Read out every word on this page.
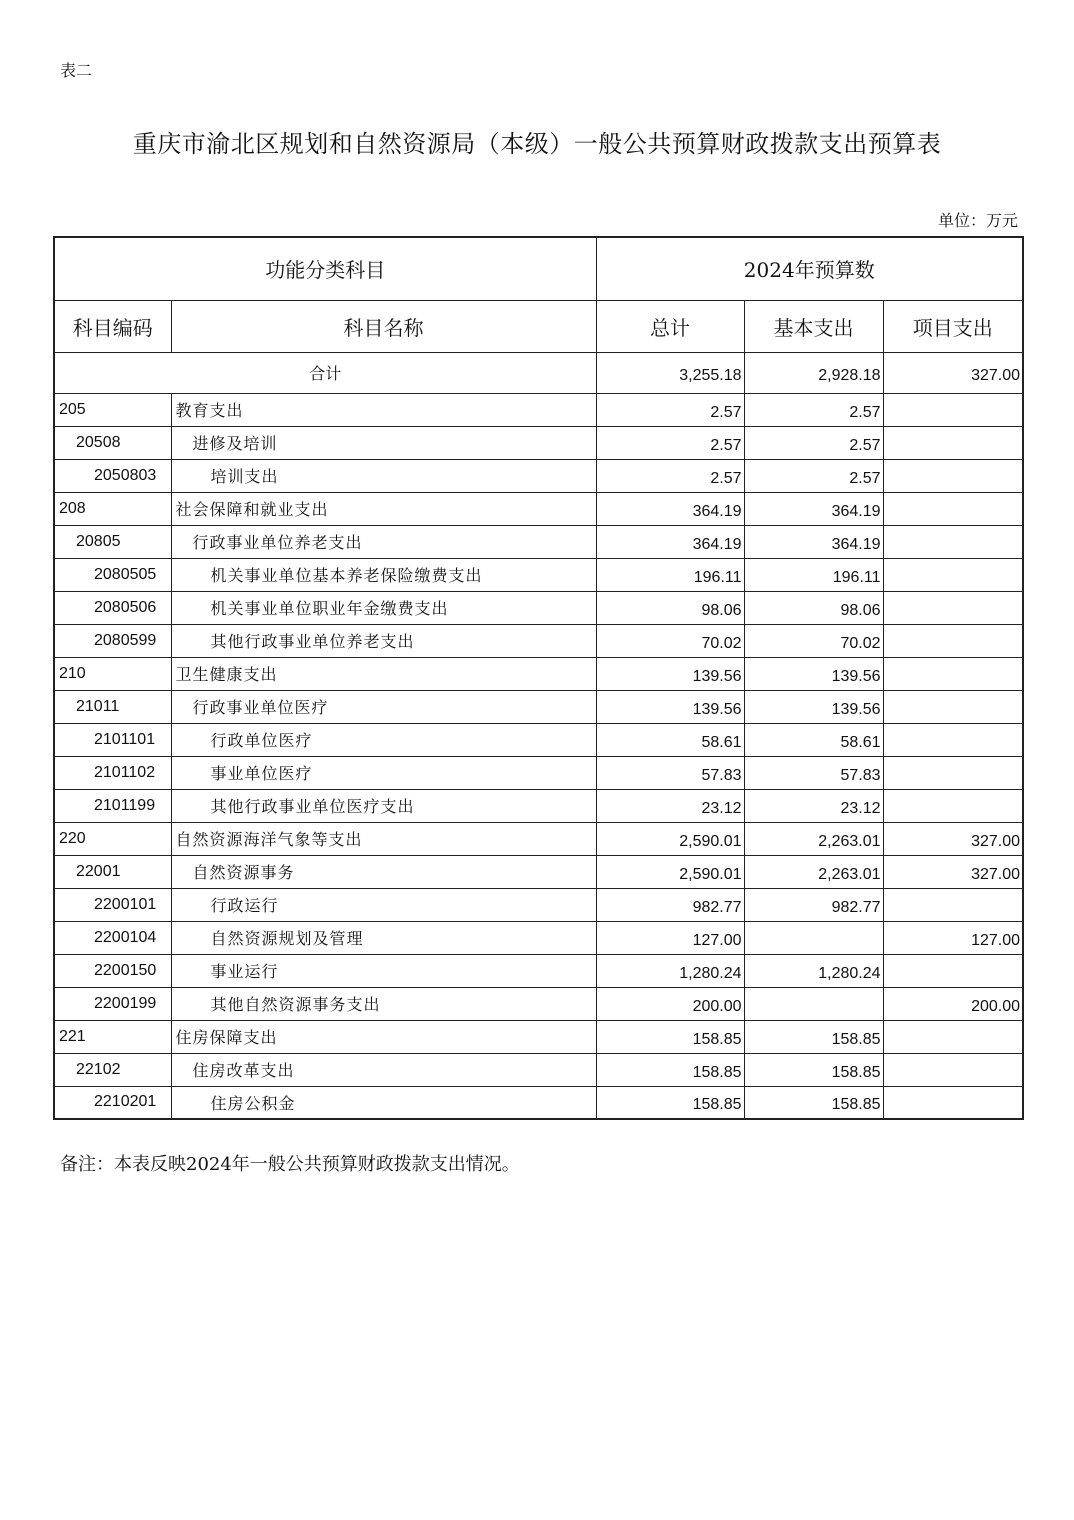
表二
重庆市渝北区规划和自然资源局（本级）一般公共预算财政拨款支出预算表
单位：万元
功能分类科目		2024年预算数		
科目编码	科目名称	总计	基本支出	项目支出
合计		3,255.18	2,928.18	327.00
205	教育支出	2.57	2.57	
20508	进修及培训	2.57	2.57	
2050803	培训支出	2.57	2.57	
208	社会保障和就业支出	364.19	364.19	
20805	行政事业单位养老支出	364.19	364.19	
2080505	机关事业单位基本养老保险缴费支出	196.11	196.11	
2080506	机关事业单位职业年金缴费支出	98.06	98.06	
2080599	其他行政事业单位养老支出	70.02	70.02	
210	卫生健康支出	139.56	139.56	
21011	行政事业单位医疗	139.56	139.56	
2101101	行政单位医疗	58.61	58.61	
2101102	事业单位医疗	57.83	57.83	
2101199	其他行政事业单位医疗支出	23.12	23.12	
220	自然资源海洋气象等支出	2,590.01	2,263.01	327.00
22001	自然资源事务	2,590.01	2,263.01	327.00
2200101	行政运行	982.77	982.77	
2200104	自然资源规划及管理	127.00		127.00
2200150	事业运行	1,280.24	1,280.24	
2200199	其他自然资源事务支出	200.00		200.00
221	住房保障支出	158.85	158.85	
22102	住房改革支出	158.85	158.85	
2210201	住房公积金	158.85	158.85	
备注：本表反映2024年一般公共预算财政拨款支出情况。
